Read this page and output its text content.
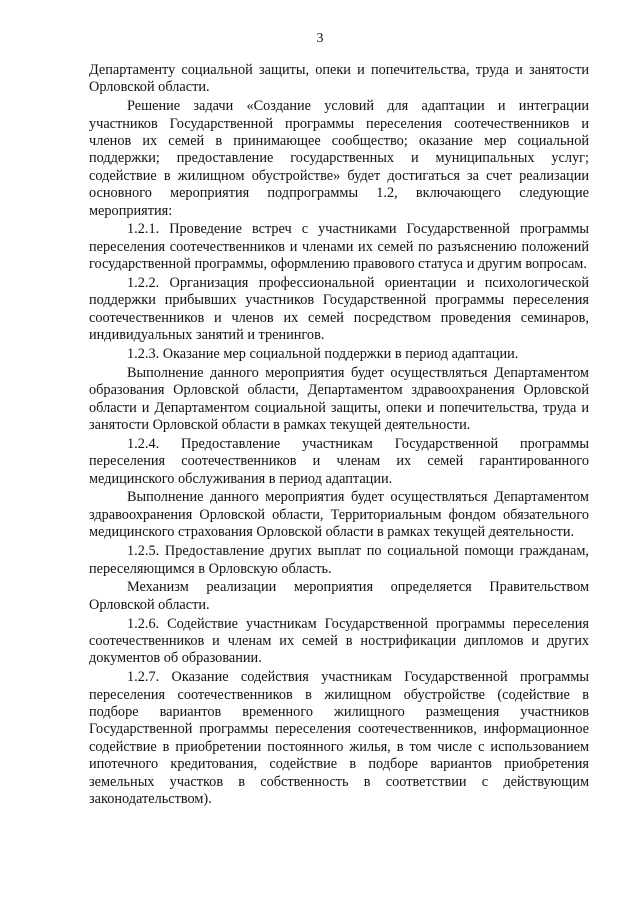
3

Департаменту социальной защиты, опеки и попечительства, труда и занятости Орловской области.

Решение задачи «Создание условий для адаптации и интеграции участников Государственной программы переселения соотечественников и членов их семей в принимающее сообщество; оказание мер социальной поддержки; предоставление государственных и муниципальных услуг; содействие в жилищном обустройстве» будет достигаться за счет реализации основного мероприятия подпрограммы 1.2, включающего следующие мероприятия:

1.2.1. Проведение встреч с участниками Государственной программы переселения соотечественников и членами их семей по разъяснению положений государственной программы, оформлению правового статуса и другим вопросам.

1.2.2. Организация профессиональной ориентации и психологической поддержки прибывших участников Государственной программы переселения соотечественников и членов их семей посредством проведения семинаров, индивидуальных занятий и тренингов.

1.2.3. Оказание мер социальной поддержки в период адаптации.

Выполнение данного мероприятия будет осуществляться Департаментом образования Орловской области, Департаментом здравоохранения Орловской области и Департаментом социальной защиты, опеки и попечительства, труда и занятости Орловской области в рамках текущей деятельности.

1.2.4. Предоставление участникам Государственной программы переселения соотечественников и членам их семей гарантированного медицинского обслуживания в период адаптации.

Выполнение данного мероприятия будет осуществляться Департаментом здравоохранения Орловской области, Территориальным фондом обязательного медицинского страхования Орловской области в рамках текущей деятельности.

1.2.5. Предоставление других выплат по социальной помощи гражданам, переселяющимся в Орловскую область.

Механизм реализации мероприятия определяется Правительством Орловской области.

1.2.6. Содействие участникам Государственной программы переселения соотечественников и членам их семей в нострификации дипломов и других документов об образовании.

1.2.7. Оказание содействия участникам Государственной программы переселения соотечественников в жилищном обустройстве (содействие в подборе вариантов временного жилищного размещения участников Государственной программы переселения соотечественников, информационное содействие в приобретении постоянного жилья, в том числе с использованием ипотечного кредитования, содействие в подборе вариантов приобретения земельных участков в собственность в соответствии с действующим законодательством).
